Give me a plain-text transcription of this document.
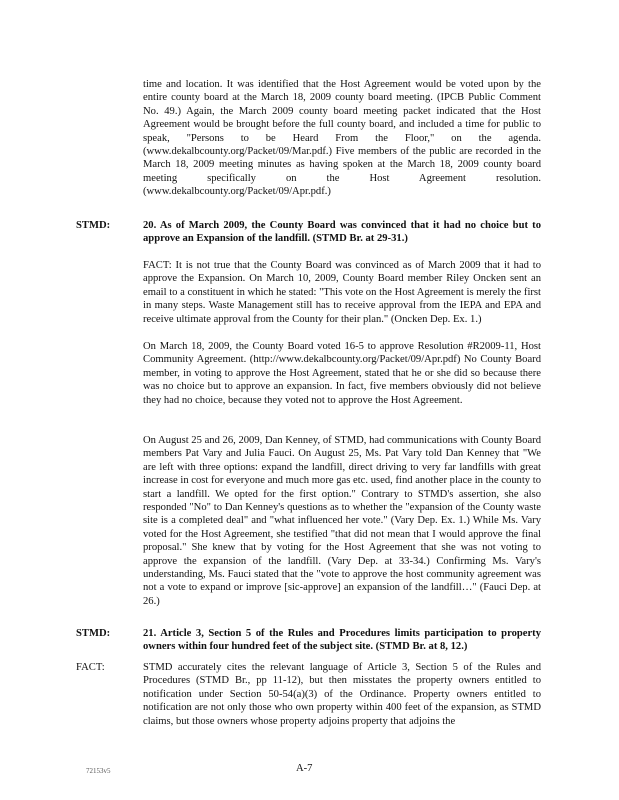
time and location. It was identified that the Host Agreement would be voted upon by the entire county board at the March 18, 2009 county board meeting. (IPCB Public Comment No. 49.) Again, the March 2009 county board meeting packet indicated that the Host Agreement would be brought before the full county board, and included a time for public to speak, "Persons to be Heard From the Floor," on the agenda. (www.dekalbcounty.org/Packet/09/Mar.pdf.) Five members of the public are recorded in the March 18, 2009 meeting minutes as having spoken at the March 18, 2009 county board meeting specifically on the Host Agreement resolution. (www.dekalbcounty.org/Packet/09/Apr.pdf.)

STMD:	20. As of March 2009, the County Board was convinced that it had no choice but to approve an Expansion of the landfill. (STMD Br. at 29-31.)

FACT: It is not true that the County Board was convinced as of March 2009 that it had to approve the Expansion. On March 10, 2009, County Board member Riley Oncken sent an email to a constituent in which he stated: "This vote on the Host Agreement is merely the first in many steps. Waste Management still has to receive approval from the IEPA and EPA and receive ultimate approval from the County for their plan." (Oncken Dep. Ex. 1.)

On March 18, 2009, the County Board voted 16-5 to approve Resolution #R2009-11, Host Community Agreement. (http://www.dekalbcounty.org/Packet/09/Apr.pdf) No County Board member, in voting to approve the Host Agreement, stated that he or she did so because there was no choice but to approve an expansion. In fact, five members obviously did not believe they had no choice, because they voted not to approve the Host Agreement.

On August 25 and 26, 2009, Dan Kenney, of STMD, had communications with County Board members Pat Vary and Julia Fauci. On August 25, Ms. Pat Vary told Dan Kenney that "We are left with three options: expand the landfill, direct driving to very far landfills with great increase in cost for everyone and much more gas etc. used, find another place in the county to start a landfill. We opted for the first option." Contrary to STMD's assertion, she also responded "No" to Dan Kenney's questions as to whether the "expansion of the County waste site is a completed deal" and "what influenced her vote." (Vary Dep. Ex. 1.) While Ms. Vary voted for the Host Agreement, she testified "that did not mean that I would approve the final proposal." She knew that by voting for the Host Agreement that she was not voting to approve the expansion of the landfill. (Vary Dep. at 33-34.) Confirming Ms. Vary's understanding, Ms. Fauci stated that the "vote to approve the host community agreement was not a vote to expand or improve [sic-approve] an expansion of the landfill…" (Fauci Dep. at 26.)

STMD:	21. Article 3, Section 5 of the Rules and Procedures limits participation to property owners within four hundred feet of the subject site. (STMD Br. at 8, 12.)

FACT:	STMD accurately cites the relevant language of Article 3, Section 5 of the Rules and Procedures (STMD Br., pp 11-12), but then misstates the property owners entitled to notification under Section 50-54(a)(3) of the Ordinance. Property owners entitled to notification are not only those who own property within 400 feet of the expansion, as STMD claims, but those owners whose property adjoins property that adjoins the

72153v5	A-7
